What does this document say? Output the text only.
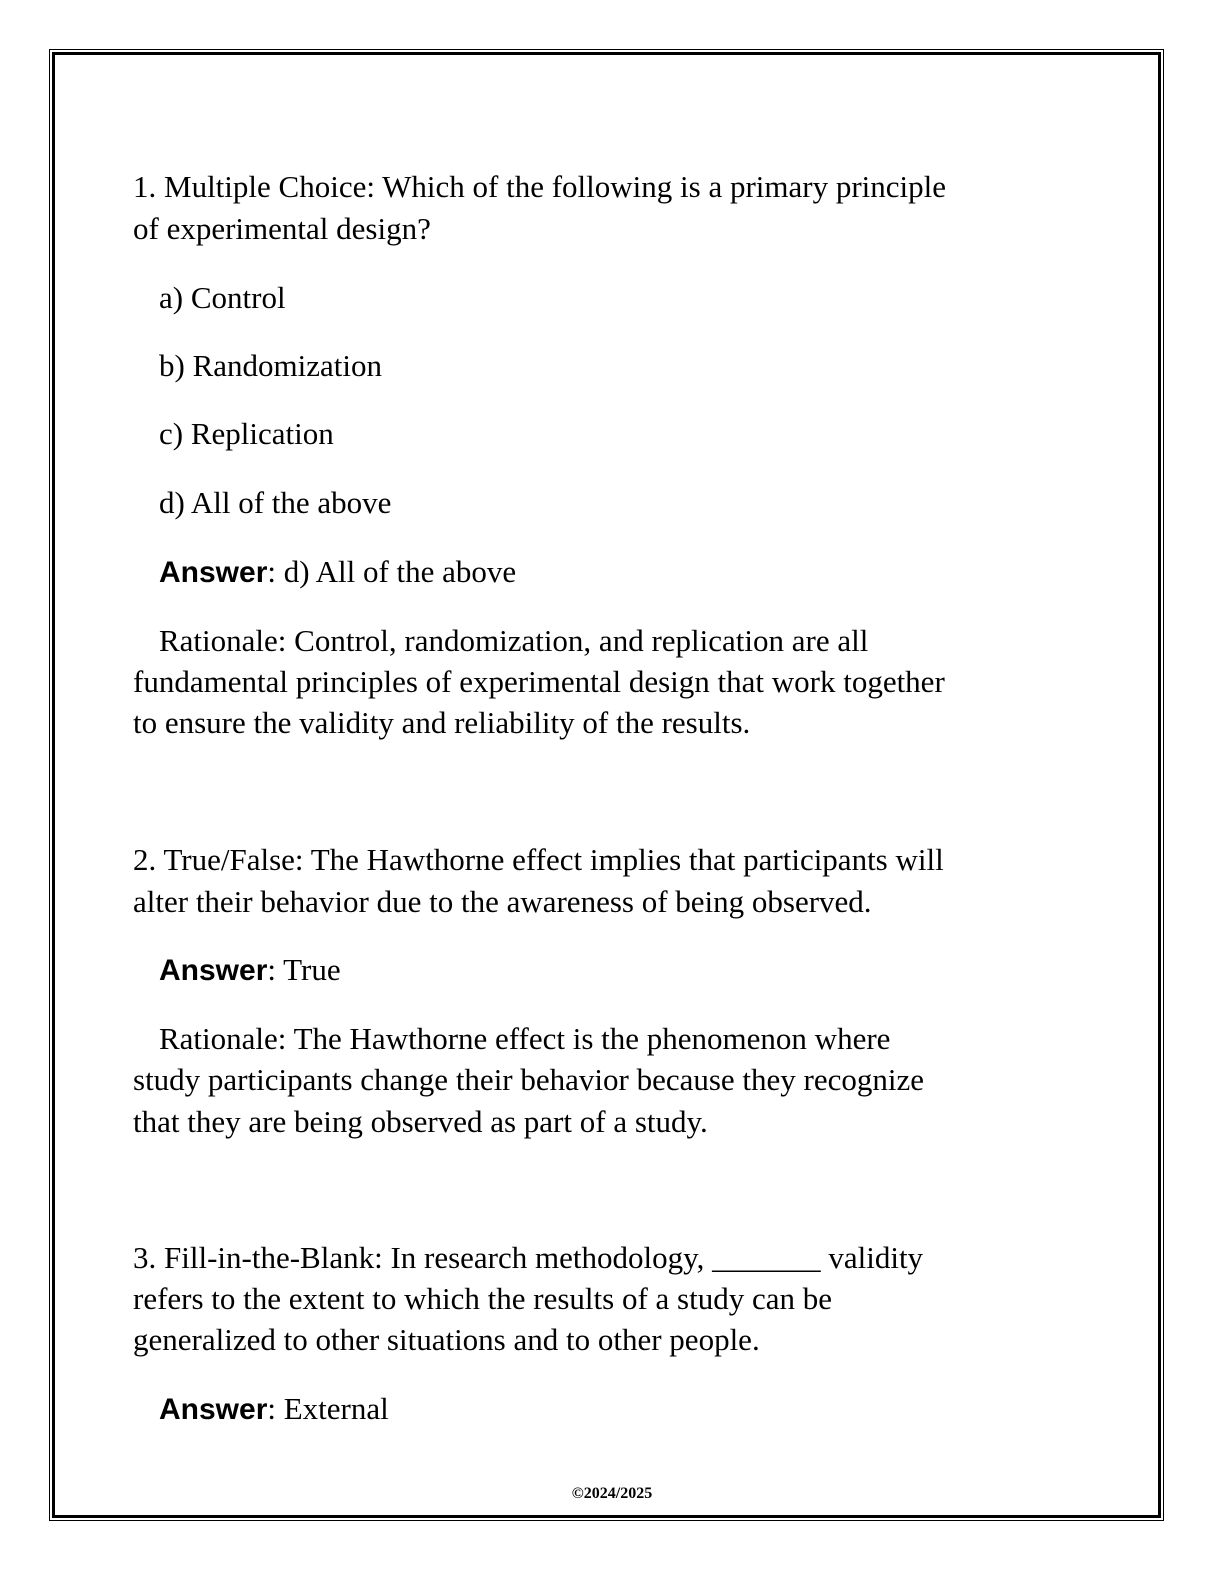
1. Multiple Choice: Which of the following is a primary principle
of experimental design?
a) Control
b) Randomization
c) Replication
d) All of the above
Answer: d) All of the above
Rationale: Control, randomization, and replication are all
fundamental principles of experimental design that work together
to ensure the validity and reliability of the results.
2. True/False: The Hawthorne effect implies that participants will
alter their behavior due to the awareness of being observed.
Answer: True
Rationale: The Hawthorne effect is the phenomenon where
study participants change their behavior because they recognize
that they are being observed as part of a study.
3. Fill-in-the-Blank: In research methodology, _______ validity
refers to the extent to which the results of a study can be
generalized to other situations and to other people.
Answer: External
©2024/2025
